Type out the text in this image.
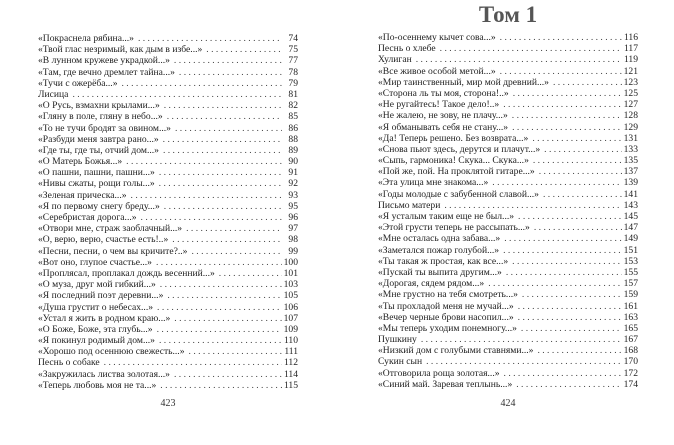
«Покраснела рябина...» . . .	74
«Твой глас незримый, как дым в избе...» . . .	75
«В лунном кружеве украдкой...» . . .	77
«Там, где вечно дремлет тайна...» . . .	78
«Тучи с ожерёба...» . . .	79
Лисица . . .	81
«О Русь, взмахни крылами...» . . .	82
«Гляну в поле, гляну в небо...» . . .	85
«То не тучи бродят за овином...» . . .	86
«Разбуди меня завтра рано...» . . .	88
«Где ты, где ты, отчий дом...» . . .	89
«О Матерь Божья...» . . .	90
«О пашни, пашни, пашни...» . . .	91
«Нивы сжаты, рощи голы...» . . .	92
«Зеленая прическа...» . . .	93
«Я по первому снегу бреду...» . . .	95
«Серебристая дорога...» . . .	96
«Отвори мне, страж заоблачный...» . . .	97
«О, верю, верю, счастье есть!..» . . .	98
«Песни, песни, о чем вы кричите?..» . . .	99
«Вот оно, глупое счастье...» . . .	100
«Проплясал, проплакал дождь весенний...» . . .	101
«О муза, друг мой гибкий...» . . .	103
«Я последний поэт деревни...» . . .	105
«Душа грустит о небесах...» . . .	106
«Устал я жить в родном краю...» . . .	107
«О Боже, Боже, эта глубь...» . . .	109
«Я покинул родимый дом...» . . .	110
«Хорошо под осеннюю свежесть...» . . .	111
Песнь о собаке . . .	112
«Закружилась листва золотая...» . . .	114
«Теперь любовь моя не та...» . . .	115
423
Том 1
«По-осеннему кычет сова...» . . .	116
Песнь о хлебе . . .	117
Хулиган . . .	119
«Все живое особой метой...» . . .	121
«Мир таинственный, мир мой древний...» . . .	123
«Сторона ль ты моя, сторона!..» . . .	125
«Не ругайтесь! Такое дело!..» . . .	127
«Не жалею, не зову, не плачу...» . . .	128
«Я обманывать себя не стану...» . . .	129
«Да! Теперь решено. Без возврата...» . . .	131
«Снова пьют здесь, дерутся и плачут...» . . .	133
«Сыпь, гармоника! Скука... Скука...» . . .	135
«Пой же, пой. На проклятой гитаре...» . . .	137
«Эта улица мне знакома...» . . .	139
«Годы молодые с забубенной славой...» . . .	141
Письмо матери . . .	143
«Я усталым таким еще не был...» . . .	145
«Этой грусти теперь не рассыпать...» . . .	147
«Мне осталась одна забава...» . . .	149
«Заметался пожар голубой...» . . .	151
«Ты такая ж простая, как все...» . . .	153
«Пускай ты выпита другим...» . . .	155
«Дорогая, сядем рядом...» . . .	157
«Мне грустно на тебя смотреть...» . . .	159
«Ты прохладой меня не мучай...» . . .	161
«Вечер черные брови насопил...» . . .	163
«Мы теперь уходим понемногу...» . . .	165
Пушкину . . .	167
«Низкий дом с голубыми ставнями...» . . .	168
Сукин сын . . .	170
«Отговорила роща золотая...» . . .	172
«Синий май. Заревая теплынь...» . . .	174
424
